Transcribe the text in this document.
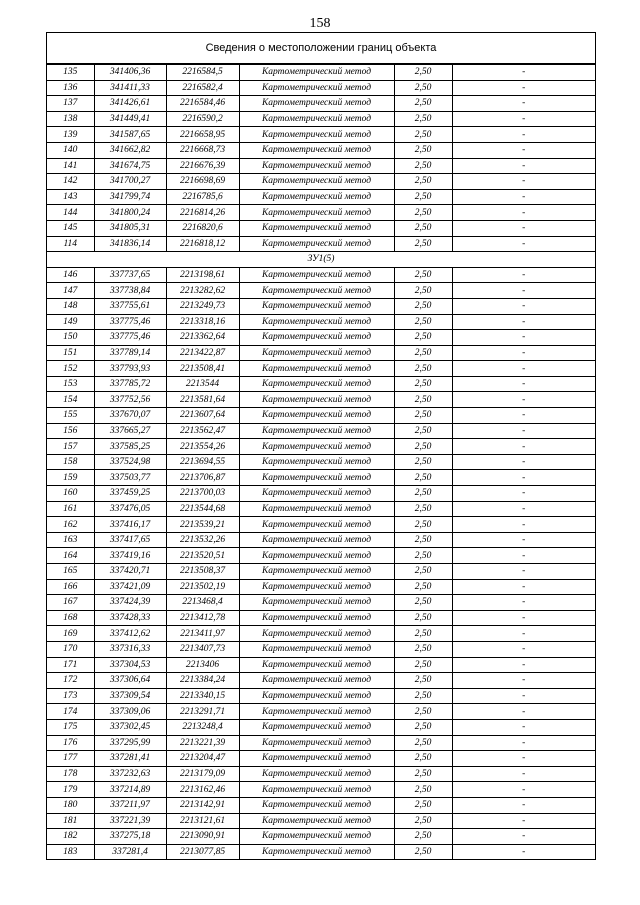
158
Сведения о местоположении границ объекта
135	341406,36	2216584,5	Картометрический метод	2,50	-
136	341411,33	2216582,4	Картометрический метод	2,50	-
137	341426,61	2216584,46	Картометрический метод	2,50	-
138	341449,41	2216590,2	Картометрический метод	2,50	-
139	341587,65	2216658,95	Картометрический метод	2,50	-
140	341662,82	2216668,73	Картометрический метод	2,50	-
141	341674,75	2216676,39	Картометрический метод	2,50	-
142	341700,27	2216698,69	Картометрический метод	2,50	-
143	341799,74	2216785,6	Картометрический метод	2,50	-
144	341800,24	2216814,26	Картометрический метод	2,50	-
145	341805,31	2216820,6	Картометрический метод	2,50	-
114	341836,14	2216818,12	Картометрический метод	2,50	-
ЗУ1(5)					
146	337737,65	2213198,61	Картометрический метод	2,50	-
147	337738,84	2213282,62	Картометрический метод	2,50	-
148	337755,61	2213249,73	Картометрический метод	2,50	-
149	337775,46	2213318,16	Картометрический метод	2,50	-
150	337775,46	2213362,64	Картометрический метод	2,50	-
151	337789,14	2213422,87	Картометрический метод	2,50	-
152	337793,93	2213508,41	Картометрический метод	2,50	-
153	337785,72	2213544	Картометрический метод	2,50	-
154	337752,56	2213581,64	Картометрический метод	2,50	-
155	337670,07	2213607,64	Картометрический метод	2,50	-
156	337665,27	2213562,47	Картометрический метод	2,50	-
157	337585,25	2213554,26	Картометрический метод	2,50	-
158	337524,98	2213694,55	Картометрический метод	2,50	-
159	337503,77	2213706,87	Картометрический метод	2,50	-
160	337459,25	2213700,03	Картометрический метод	2,50	-
161	337476,05	2213544,68	Картометрический метод	2,50	-
162	337416,17	2213539,21	Картометрический метод	2,50	-
163	337417,65	2213532,26	Картометрический метод	2,50	-
164	337419,16	2213520,51	Картометрический метод	2,50	-
165	337420,71	2213508,37	Картометрический метод	2,50	-
166	337421,09	2213502,19	Картометрический метод	2,50	-
167	337424,39	2213468,4	Картометрический метод	2,50	-
168	337428,33	2213412,78	Картометрический метод	2,50	-
169	337412,62	2213411,97	Картометрический метод	2,50	-
170	337316,33	2213407,73	Картометрический метод	2,50	-
171	337304,53	2213406	Картометрический метод	2,50	-
172	337306,64	2213384,24	Картометрический метод	2,50	-
173	337309,54	2213340,15	Картометрический метод	2,50	-
174	337309,06	2213291,71	Картометрический метод	2,50	-
175	337302,45	2213248,4	Картометрический метод	2,50	-
176	337295,99	2213221,39	Картометрический метод	2,50	-
177	337281,41	2213204,47	Картометрический метод	2,50	-
178	337232,63	2213179,09	Картометрический метод	2,50	-
179	337214,89	2213162,46	Картометрический метод	2,50	-
180	337211,97	2213142,91	Картометрический метод	2,50	-
181	337221,39	2213121,61	Картометрический метод	2,50	-
182	337275,18	2213090,91	Картометрический метод	2,50	-
183	337281,4	2213077,85	Картометрический метод	2,50	-
